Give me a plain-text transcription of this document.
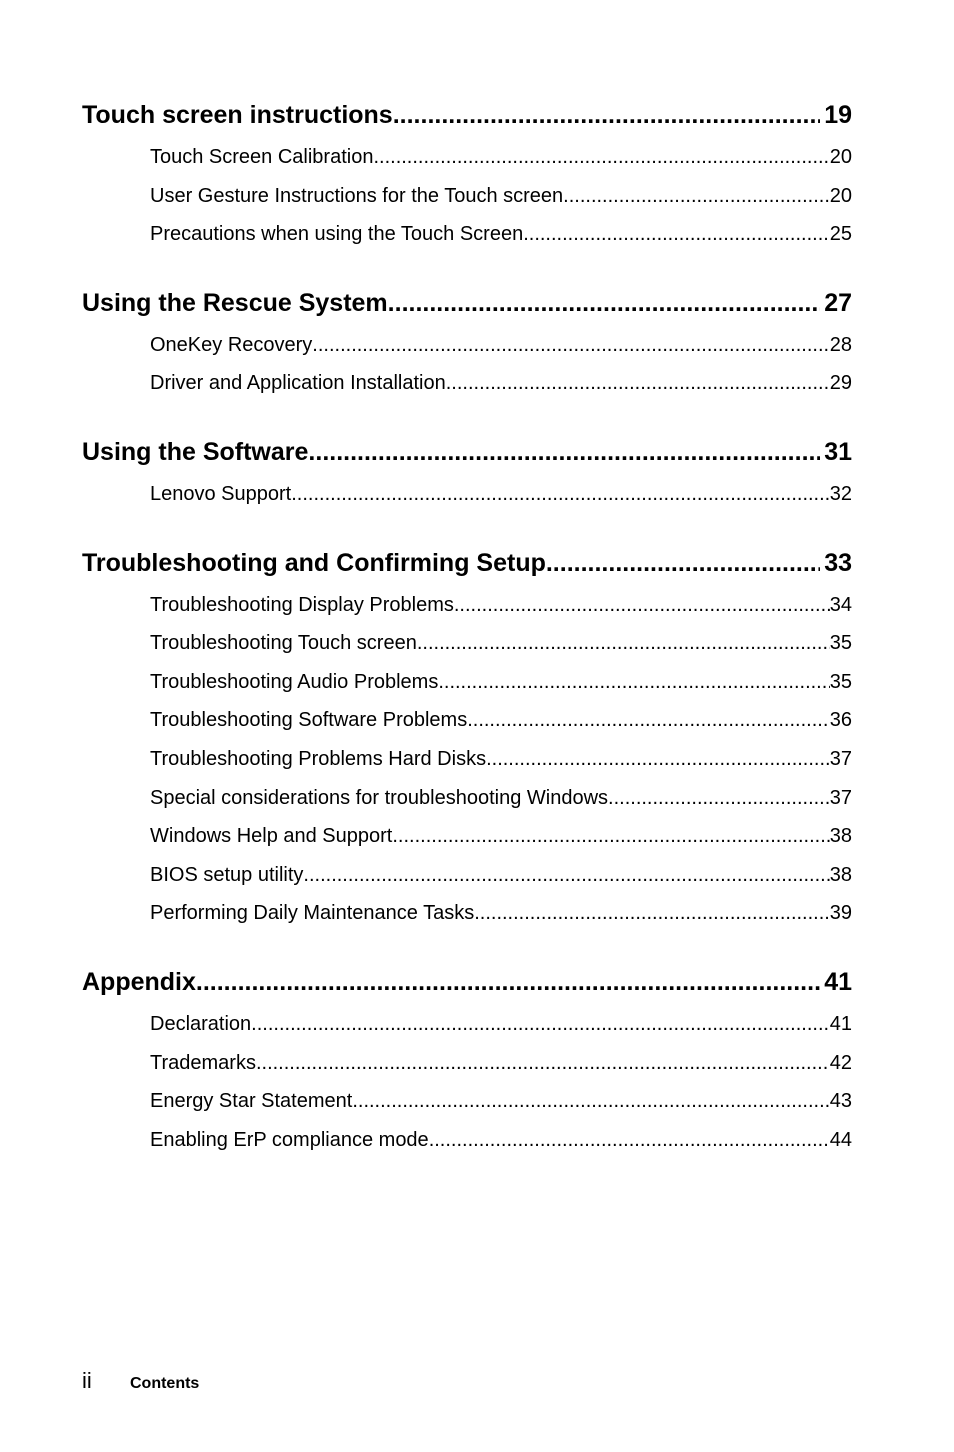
Touch screen instructions .....	19
Touch Screen Calibration .....	20
User Gesture Instructions for the Touch screen .....	20
Precautions when using the Touch Screen .....	25
Using the Rescue System .....	27
OneKey Recovery .....	28
Driver and Application Installation .....	29
Using the Software .....	31
Lenovo Support .....	32
Troubleshooting and Confirming Setup .....	33
Troubleshooting Display Problems .....	34
Troubleshooting Touch screen .....	35
Troubleshooting Audio Problems .....	35
Troubleshooting Software Problems .....	36
Troubleshooting Problems Hard Disks .....	37
Special considerations for troubleshooting Windows .....	37
Windows Help and Support .....	38
BIOS setup utility .....	38
Performing Daily Maintenance Tasks .....	39
Appendix. .....	41
Declaration .....	41
Trademarks .....	42
Energy Star Statement .....	43
Enabling ErP compliance mode .....	44
ii	Contents
